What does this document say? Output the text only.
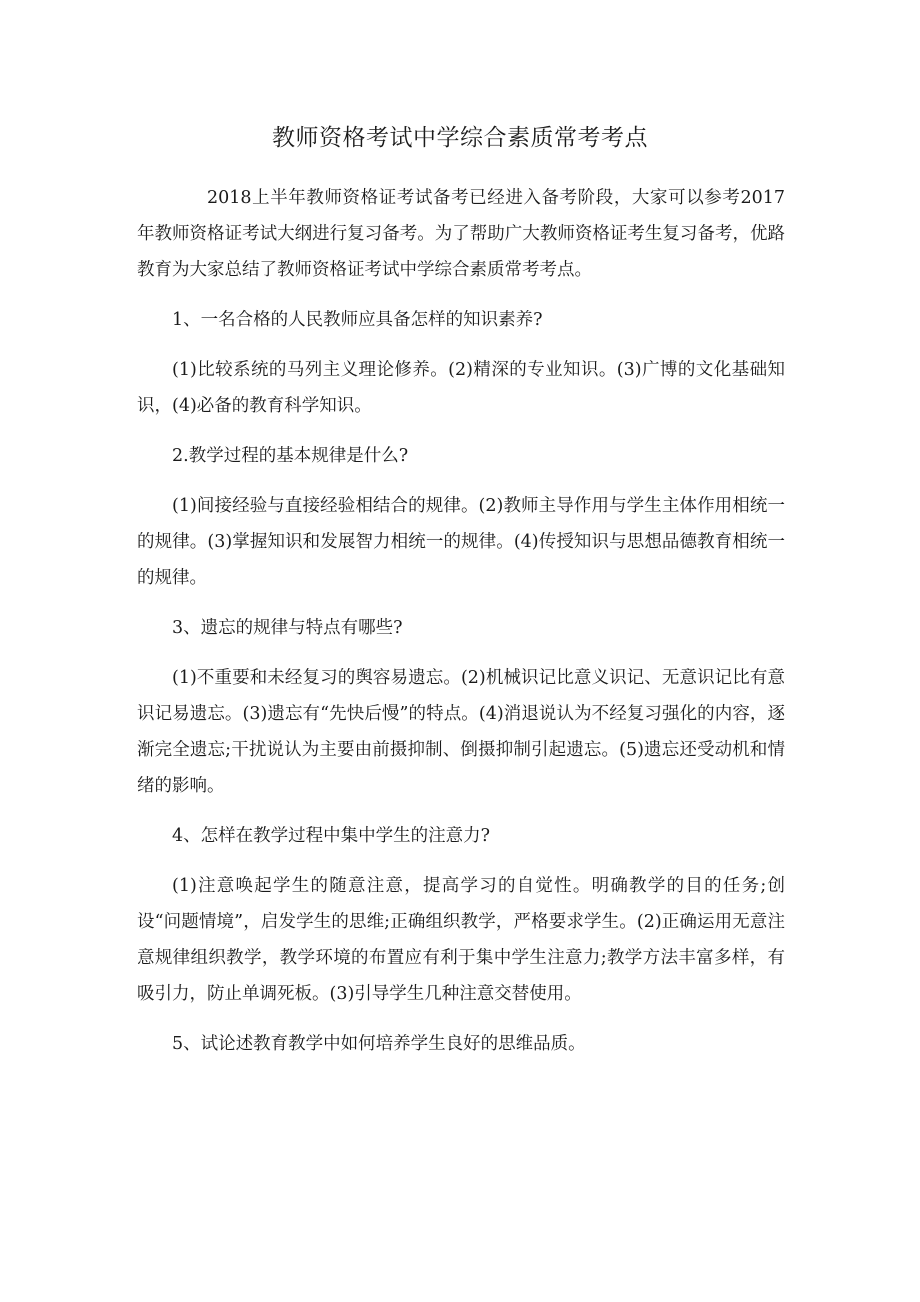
教师资格考试中学综合素质常考考点

2018上半年教师资格证考试备考已经进入备考阶段，大家可以参考2017年教师资格证考试大纲进行复习备考。为了帮助广大教师资格证考生复习备考，优路教育为大家总结了教师资格证考试中学综合素质常考考点。

1、一名合格的人民教师应具备怎样的知识素养?

(1)比较系统的马列主义理论修养。(2)精深的专业知识。(3)广博的文化基础知识，(4)必备的教育科学知识。

2.教学过程的基本规律是什么?

(1)间接经验与直接经验相结合的规律。(2)教师主导作用与学生主体作用相统一的规律。(3)掌握知识和发展智力相统一的规律。(4)传授知识与思想品德教育相统一的规律。

3、遗忘的规律与特点有哪些?

(1)不重要和未经复习的舆容易遗忘。(2)机械识记比意义识记、无意识记比有意识记易遗忘。(3)遗忘有“先快后慢”的特点。(4)消退说认为不经复习强化的内容，逐渐完全遗忘;干扰说认为主要由前摄抑制、倒摄抑制引起遗忘。(5)遗忘还受动机和情绪的影响。

4、怎样在教学过程中集中学生的注意力?

(1)注意唤起学生的随意注意，提高学习的自觉性。明确教学的目的任务;创设“问题情境”，启发学生的思维;正确组织教学，严格要求学生。(2)正确运用无意注意规律组织教学，教学环境的布置应有利于集中学生注意力;教学方法丰富多样，有吸引力，防止单调死板。(3)引导学生几种注意交替使用。

5、试论述教育教学中如何培养学生良好的思维品质。
